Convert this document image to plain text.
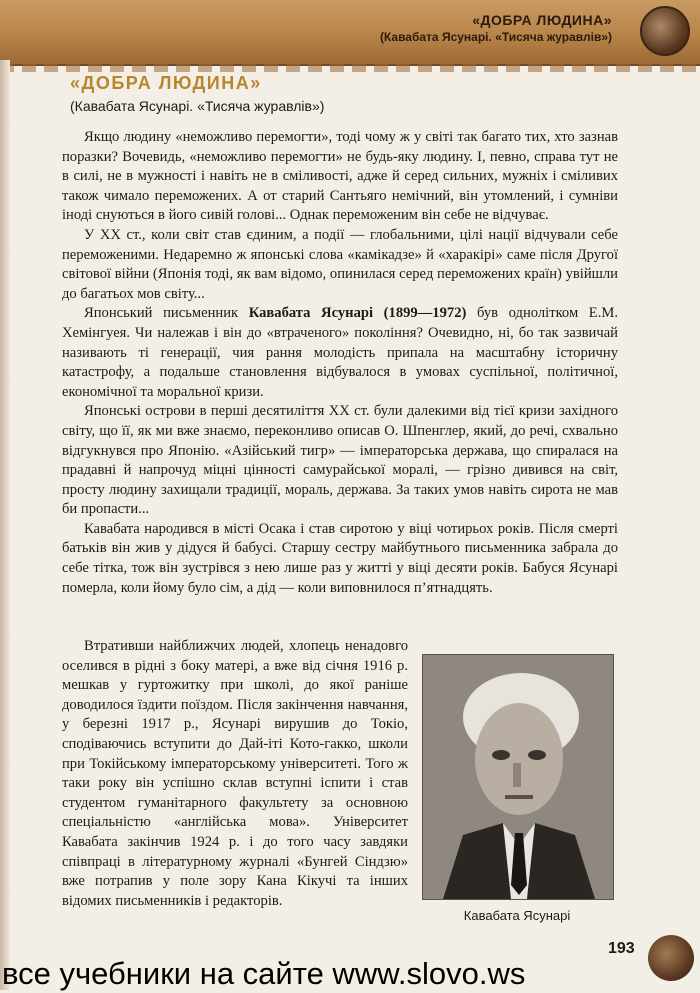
«ДОБРА ЛЮДИНА»
(Кавабата Ясунарі. «Тисяча журавлів»)
«ДОБРА ЛЮДИНА»
(Кавабата Ясунарі. «Тисяча журавлів»)

Якщо людину «неможливо перемогти», тоді чому ж у світі так багато тих, хто зазнав поразки? Вочевидь, «неможливо перемогти» не будь-яку людину. І, певно, справа тут не в силі, не в мужності і навіть не в сміливості, адже й серед сильних, мужніх і сміливих також чимало переможених. А от старий Сантьяго немічний, він утомлений, і сумніви іноді снуються в його сивій голові... Однак переможеним він себе не відчуває.

У XX ст., коли світ став єдиним, а події — глобальними, цілі нації відчували себе переможеними. Недаремно ж японські слова «камікадзе» й «харакірі» саме після Другої світової війни (Японія тоді, як вам відомо, опинилася серед переможених країн) увійшли до багатьох мов світу...

Японський письменник Кавабата Ясунарі (1899—1972) був однолітком Е.М. Хемінгуея. Чи належав і він до «втраченого» покоління? Очевидно, ні, бо так зазвичай називають ті генерації, чия рання молодість припала на масштабну історичну катастрофу, а подальше становлення відбувалося в умовах суспільної, політичної, економічної та моральної кризи.

Японські острови в перші десятиліття XX ст. були далекими від тієї кризи західного світу, що її, як ми вже знаємо, переконливо описав О. Шпенглер, який, до речі, схвально відгукнувся про Японію. «Азійський тигр» — імператорська держава, що спиралася на прадавні й напрочуд міцні цінності самурайської моралі, — грізно дивився на світ, просту людину захищали традиції, мораль, держава. За таких умов навіть сирота не мав би пропасти...

Кавабата народився в місті Осака і став сиротою у віці чотирьох років. Після смерті батьків він жив у дідуся й бабусі. Старшу сестру майбутнього письменника забрала до себе тітка, тож він зустрівся з нею лише раз у житті у віці десяти років. Бабуся Ясунарі померла, коли йому було сім, а дід — коли виповнилося п’ятнадцять.

Втративши найближчих людей, хлопець ненадовго оселився в рідні з боку матері, а вже від січня 1916 р. мешкав у гуртожитку при школі, до якої раніше доводилося їздити поїздом. Після закінчення навчання, у березні 1917 р., Ясунарі вирушив до Токіо, сподіваючись вступити до Дай-іті Кото-гакко, школи при Токійському імператорському університеті. Того ж таки року він успішно склав вступні іспити і став студентом гуманітарного факультету за основною спеціальністю «англійська мова». Університет Кавабата закінчив 1924 р. і до того часу завдяки співпраці в літературному журналі «Бунгей Сіндзю» вже потрапив у поле зору Кана Кікучі та інших відомих письменників і редакторів.

Кавабата Ясунарі
193
все учебники на сайте www.slovo.ws
